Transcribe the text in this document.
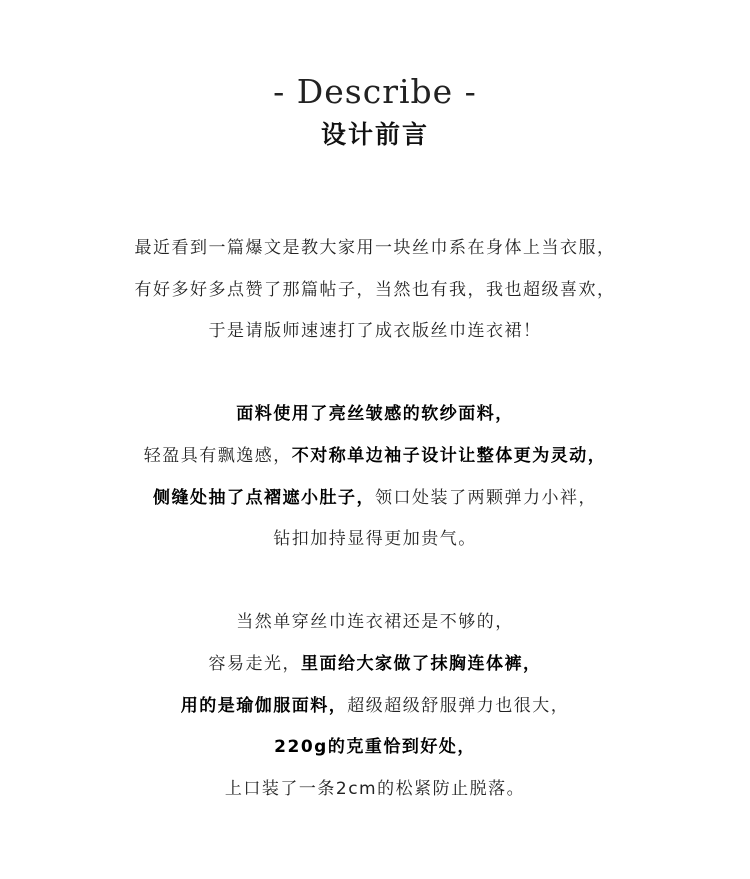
- Describe -
设计前言
最近看到一篇爆文是教大家用一块丝巾系在身体上当衣服，
有好多好多点赞了那篇帖子，当然也有我，我也超级喜欢，
于是请版师速速打了成衣版丝巾连衣裙！
面料使用了亮丝皱感的软纱面料，
轻盈具有飘逸感，不对称单边袖子设计让整体更为灵动，
侧缝处抽了点褶遮小肚子，领口处装了两颗弹力小袢，
钻扣加持显得更加贵气。
当然单穿丝巾连衣裙还是不够的，
容易走光，里面给大家做了抹胸连体裤，
用的是瑜伽服面料，超级超级舒服弹力也很大，
220g的克重恰到好处，
上口装了一条2cm的松紧防止脱落。
